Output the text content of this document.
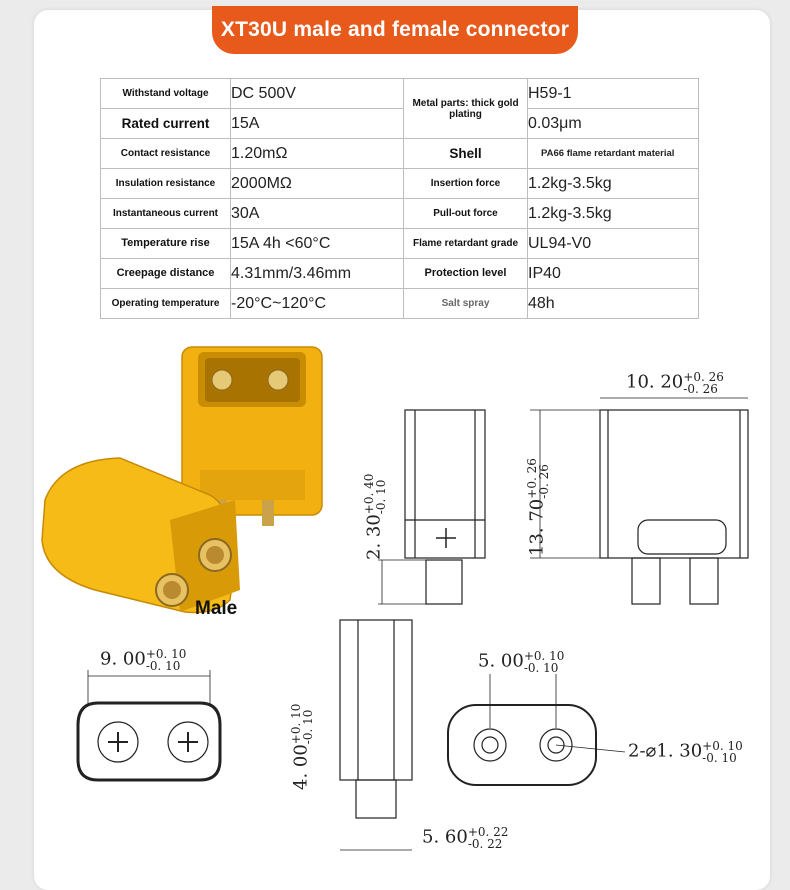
XT30U male and female connector
Withstand voltage	DC 500V	Metal parts: thick gold plating	H59-1
Rated current	15A		0.03μm
Contact resistance	1.20mΩ	Shell	PA66 flame retardant material
Insulation resistance	2000MΩ	Insertion force	1.2kg-3.5kg
Instantaneous current	30A	Pull-out force	1.2kg-3.5kg
Temperature rise	15A 4h <60°C	Flame retardant grade	UL94-V0
Creepage distance	4.31mm/3.46mm	Protection level	IP40
Operating temperature	-20°C~120°C	Salt spray	48h
Male
10. 20+0. 26
-0. 26
13. 70+0. 26
-0. 26
2. 30+0. 40
-0. 10
9. 00+0. 10
-0. 10
4. 00+0. 10
-0. 10
5. 60+0. 22
-0. 22
5. 00+0. 10
-0. 10
2-⌀1. 30+0. 10
-0. 10
